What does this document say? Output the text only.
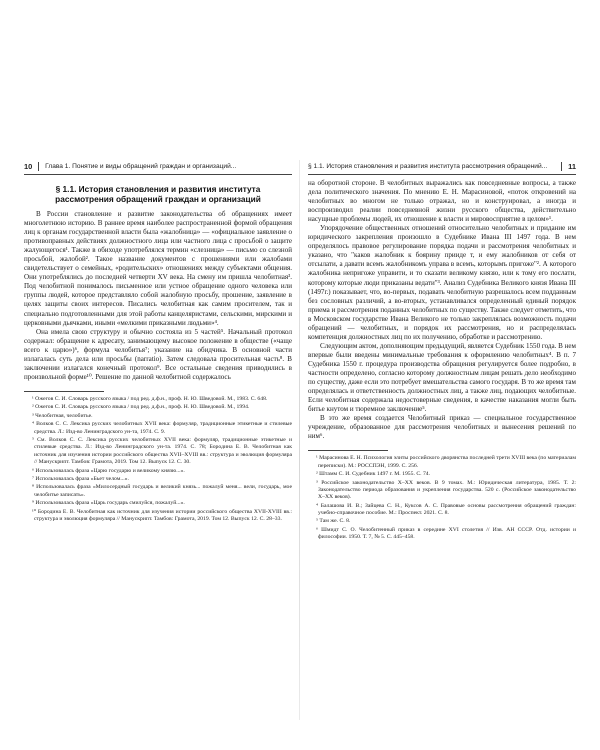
10 Глава 1. Понятие и виды обращений граждан и организаций...
§ 1.1. История становления и развития института рассмотрения обращений граждан и организаций

В России становление и развитие законодательства об обращениях имеет многолетнюю историю. В раннее время наиболее распространенной формой обращения лиц к органам государственной власти была «жалобница» — «официальное заявление о противоправных действиях должностного лица или частного лица с просьбой о защите жалующегося¹. Также в обиходе употреблялся термин «слезница» — письмо со слезной просьбой, жалобой². Такое название документов с прошениями или жалобами свидетельствует о семейных, «родительских» отношениях между субъектами общения. Они употреблялись до последней четверти XV века. На смену им пришла челобитная³. Под челобитной понималось письменное или устное обращение одного человека или группы людей, которое представляло собой жалобную просьбу, прошение, заявление в целях защиты своих интересов. Писались челобитная как самим просителем, так и специально подготовленными для этой работы канцеляристами, сельскими, мирскими и церковными дьячками, иными «мелкими приказными людьми»⁴.

Она имела свою структуру и обычно состояла из 5 частей⁵. Начальный протокол содержал: обращение к адресату, занимающему высокое положение в обществе («чаще всего к царю»)⁶, формула челобитья⁷; указание на обидчика. В основной части излагалась суть дела или просьбы (narratio). Затем следовала просительная часть⁸. В заключении излагался конечный протокол⁹. Все остальные сведения приводились в произвольной форме¹⁰. Решение по данной челобитной содержалось

¹ Ожегов С. И. Словарь русского языка / под ред. д.ф.н., проф. Н. Ю. Шведовой. М., 1983. С. 648.

² Ожегов С. И. Словарь русского языка / под ред. д.ф.н., проф. Н. Ю. Шведовой. М., 1994.

³ Челобитная, челобитье.

⁴ Волков С. С. Лексика русских челобитных XVII века: формуляр, традиционные этикетные и стилевые средства. Л.: Изд-во Ленинградского ун-та, 1974. С. 9.

⁵ См. Волков С. С. Лексика русских челобитных XVII века: формуляр, традиционные этикетные и стилевые средства. Л.: Изд-во Ленинградского ун-та. 1974. С. 78; Бородина Е. В. Челобитная как источник для изучения истории российского общества XVII–XVIII вв.: структура и эволюция формуляра // Манускрипт. Тамбов: Грамота, 2019. Том 12. Выпуск 12. С. 30.

⁶ Использовалась фраза «Царю государю и великому князю...».

⁷ Использовалась фраза «Бьет челом...».

⁸ Использовалась фраза «Милосердный государь и великий князь... пожалуй меня... вели, государь, мое челобитье записать».

⁹ Использовалась фраза «Царь государь смилуйся, пожалуй...».

¹⁰ Бородина Е. В. Челобитная как источник для изучения истории российского общества XVII-XVIII вв.: структура и эволюция формуляра // Манускрипт. Тамбов: Грамота, 2019. Том 12. Выпуск 12. С. 28–33.

§ 1.1. История становления и развития института рассмотрения обращений...	11

на оборотной стороне. В челобитных выражались как повседневные вопросы, а также дела политического значения. По мнению Е. Н. Марасиновой, «поток откровений на челобитных во многом не только отражал, но и конструировал, а иногда и воспроизводил реалии повседневной жизни русского общества, действительно насущные проблемы людей, их отношение к власти и мировосприятие в целом»¹.

Упорядочение общественных отношений относительно челобитных и придание им юридического закрепления произошло в Судебнике Ивана III 1497 года. В нем определялось правовое регулирование порядка подачи и рассмотрения челобитных и указано, что "каков жалобник к боярину прииде т, и ему жалобников от себя от отсылати, а давати всемъ жалобникомъ управа в всемъ, которымъ пригоже"². А которого жалобника непригоже управити, и то сказати великому князю, или к тому его послати, которому которые люди приказаны ведати"³. Анализ Судебника Великого князя Ивана III (1497г.) показывает, что, во-первых, подавать челобитную разрешалось всем подданным без сословных различий, а во-вторых, устанавливался определенный единый порядок приема и рассмотрения поданных челобитных по существу. Также следует отметить, что в Московском государстве Ивана Великого не только закреплялась возможность подачи обращений — челобитных, и порядок их рассмотрения, но и распределялась компетенция должностных лиц по их получению, обработке и рассмотрению.

Следующим актом, дополняющим предыдущий, является Судебник 1550 года. В нем впервые были введены минимальные требования к оформлению челобитных⁴. В п. 7 Судебника 1550 г. процедура производства обращения регулируется более подробно, в частности определено, согласно которому должностным лицам решать дело необходимо по существу, даже если это потребует вмешательства самого государя. В то же время там определялась и ответственность должностных лиц, а также лиц, подающих челобитные. Если челобитная содержала недостоверные сведения, в качестве наказания могли быть битье кнутом и тюремное заключение⁵.

В это же время создается Челобитный приказ — специальное государственное учреждение, образованное для рассмотрения челобитных и вынесения решений по ним⁶.

¹ Марасинова Е. Н. Психология элиты российского дворянства последней трети XVIII века (по материалам переписки). М.: РОССПЭН, 1999. С. 256.

² Штамм С. И. Судебник 1497 г. М. 1955. С. 74.

³ Российское законодательство X–XX веков. В 9 томах. М.: Юридическая литература, 1985. Т. 2: Законодательство периода образования и укрепления государства. 520 с. (Российское законодательство X–XX веков).

⁴ Балашова И. В.; Зайцева С. Н., Куксов А. С. Правовые основы рассмотрения обращений граждан: учебно-справочное пособие. М.: Проспект. 2021. С. 8.

⁵ Там же. С. 8.

⁶ Шмидт С. О. Челобитенный приказ в середине XVI столетия // Изв. АН СССР. Отд. истории и философии. 1950. Т. 7, № 5. С. 445–458.
